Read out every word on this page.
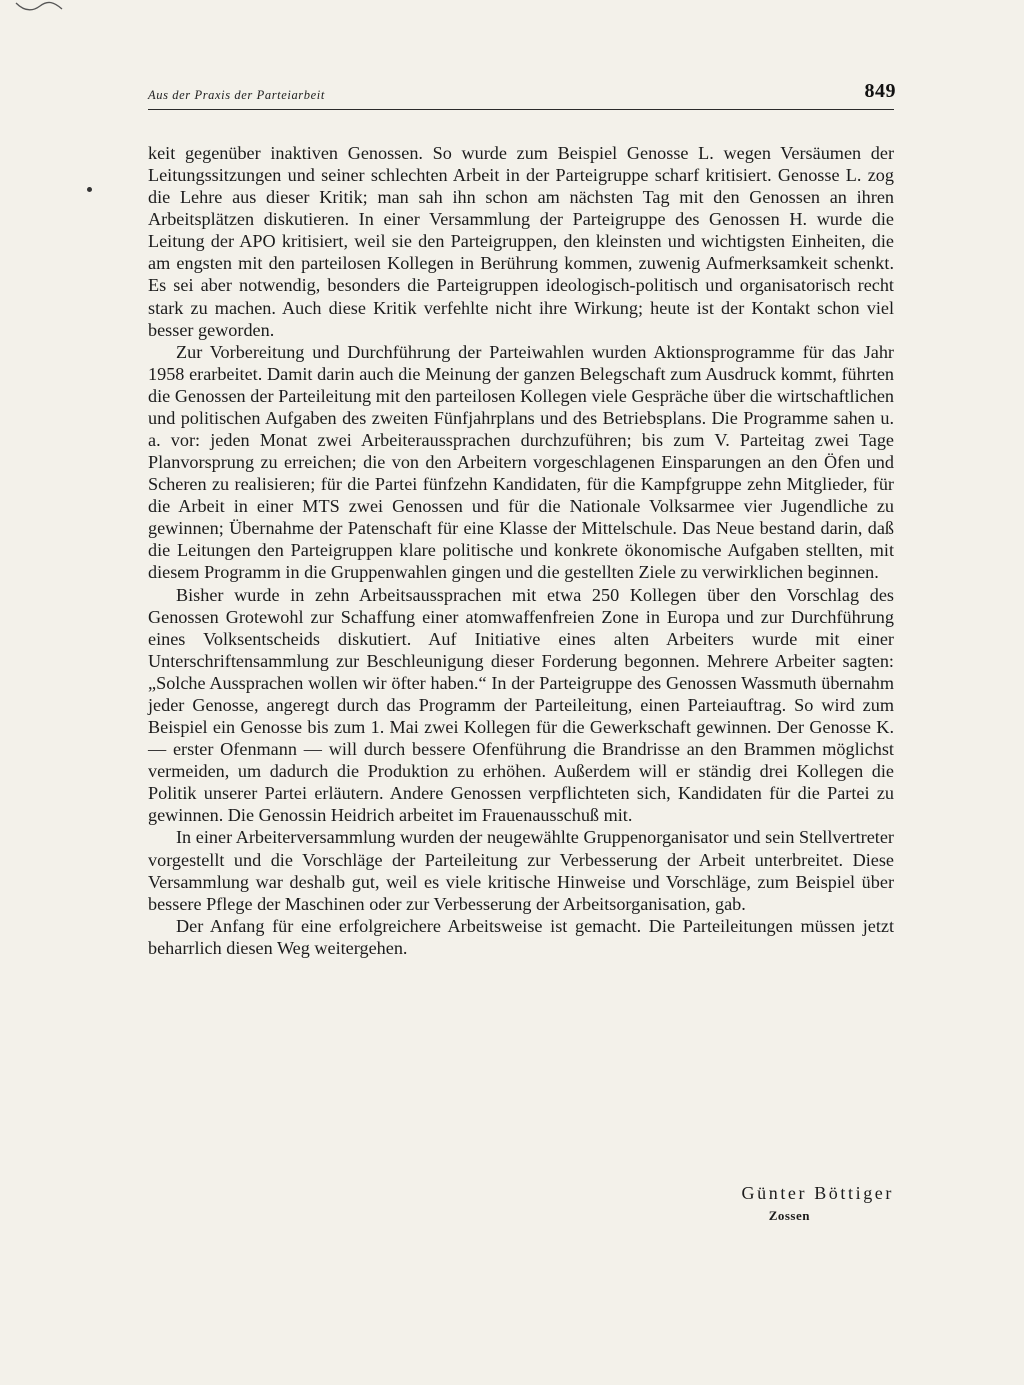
Aus der Praxis der Parteiarbeit	849

keit gegenüber inaktiven Genossen. So wurde zum Beispiel Genosse L. wegen Versäumen der Leitungssitzungen und seiner schlechten Arbeit in der Parteigruppe scharf kritisiert. Genosse L. zog die Lehre aus dieser Kritik; man sah ihn schon am nächsten Tag mit den Genossen an ihren Arbeitsplätzen diskutieren. In einer Versammlung der Parteigruppe des Genossen H. wurde die Leitung der APO kritisiert, weil sie den Parteigruppen, den kleinsten und wichtigsten Einheiten, die am engsten mit den parteilosen Kollegen in Berührung kommen, zuwenig Aufmerksamkeit schenkt. Es sei aber notwendig, besonders die Parteigruppen ideologisch-politisch und organisatorisch recht stark zu machen. Auch diese Kritik verfehlte nicht ihre Wirkung; heute ist der Kontakt schon viel besser geworden.

Zur Vorbereitung und Durchführung der Parteiwahlen wurden Aktionsprogramme für das Jahr 1958 erarbeitet. Damit darin auch die Meinung der ganzen Belegschaft zum Ausdruck kommt, führten die Genossen der Parteileitung mit den parteilosen Kollegen viele Gespräche über die wirtschaftlichen und politischen Aufgaben des zweiten Fünfjahrplans und des Betriebsplans. Die Programme sahen u. a. vor: jeden Monat zwei Arbeiteraussprachen durchzuführen; bis zum V. Parteitag zwei Tage Planvorsprung zu erreichen; die von den Arbeitern vorgeschlagenen Einsparungen an den Öfen und Scheren zu realisieren; für die Partei fünfzehn Kandidaten, für die Kampfgruppe zehn Mitglieder, für die Arbeit in einer MTS zwei Genossen und für die Nationale Volksarmee vier Jugendliche zu gewinnen; Übernahme der Patenschaft für eine Klasse der Mittelschule. Das Neue bestand darin, daß die Leitungen den Parteigruppen klare politische und konkrete ökonomische Aufgaben stellten, mit diesem Programm in die Gruppenwahlen gingen und die gestellten Ziele zu verwirklichen beginnen.

Bisher wurde in zehn Arbeitsaussprachen mit etwa 250 Kollegen über den Vorschlag des Genossen Grotewohl zur Schaffung einer atomwaffenfreien Zone in Europa und zur Durchführung eines Volksentscheids diskutiert. Auf Initiative eines alten Arbeiters wurde mit einer Unterschriftensammlung zur Beschleunigung dieser Forderung begonnen. Mehrere Arbeiter sagten: „Solche Aussprachen wollen wir öfter haben.“ In der Parteigruppe des Genossen Wassmuth übernahm jeder Genosse, angeregt durch das Programm der Parteileitung, einen Parteiauftrag. So wird zum Beispiel ein Genosse bis zum 1. Mai zwei Kollegen für die Gewerkschaft gewinnen. Der Genosse K. — erster Ofenmann — will durch bessere Ofenführung die Brandrisse an den Brammen möglichst vermeiden, um dadurch die Produktion zu erhöhen. Außerdem will er ständig drei Kollegen die Politik unserer Partei erläutern. Andere Genossen verpflichteten sich, Kandidaten für die Partei zu gewinnen. Die Genossin Heidrich arbeitet im Frauenausschuß mit.

In einer Arbeiterversammlung wurden der neugewählte Gruppenorganisator und sein Stellvertreter vorgestellt und die Vorschläge der Parteileitung zur Verbesserung der Arbeit unterbreitet. Diese Versammlung war deshalb gut, weil es viele kritische Hinweise und Vorschläge, zum Beispiel über bessere Pflege der Maschinen oder zur Verbesserung der Arbeitsorganisation, gab.

Der Anfang für eine erfolgreichere Arbeitsweise ist gemacht. Die Parteileitungen müssen jetzt beharrlich diesen Weg weitergehen.

Günter Böttiger
Zossen
